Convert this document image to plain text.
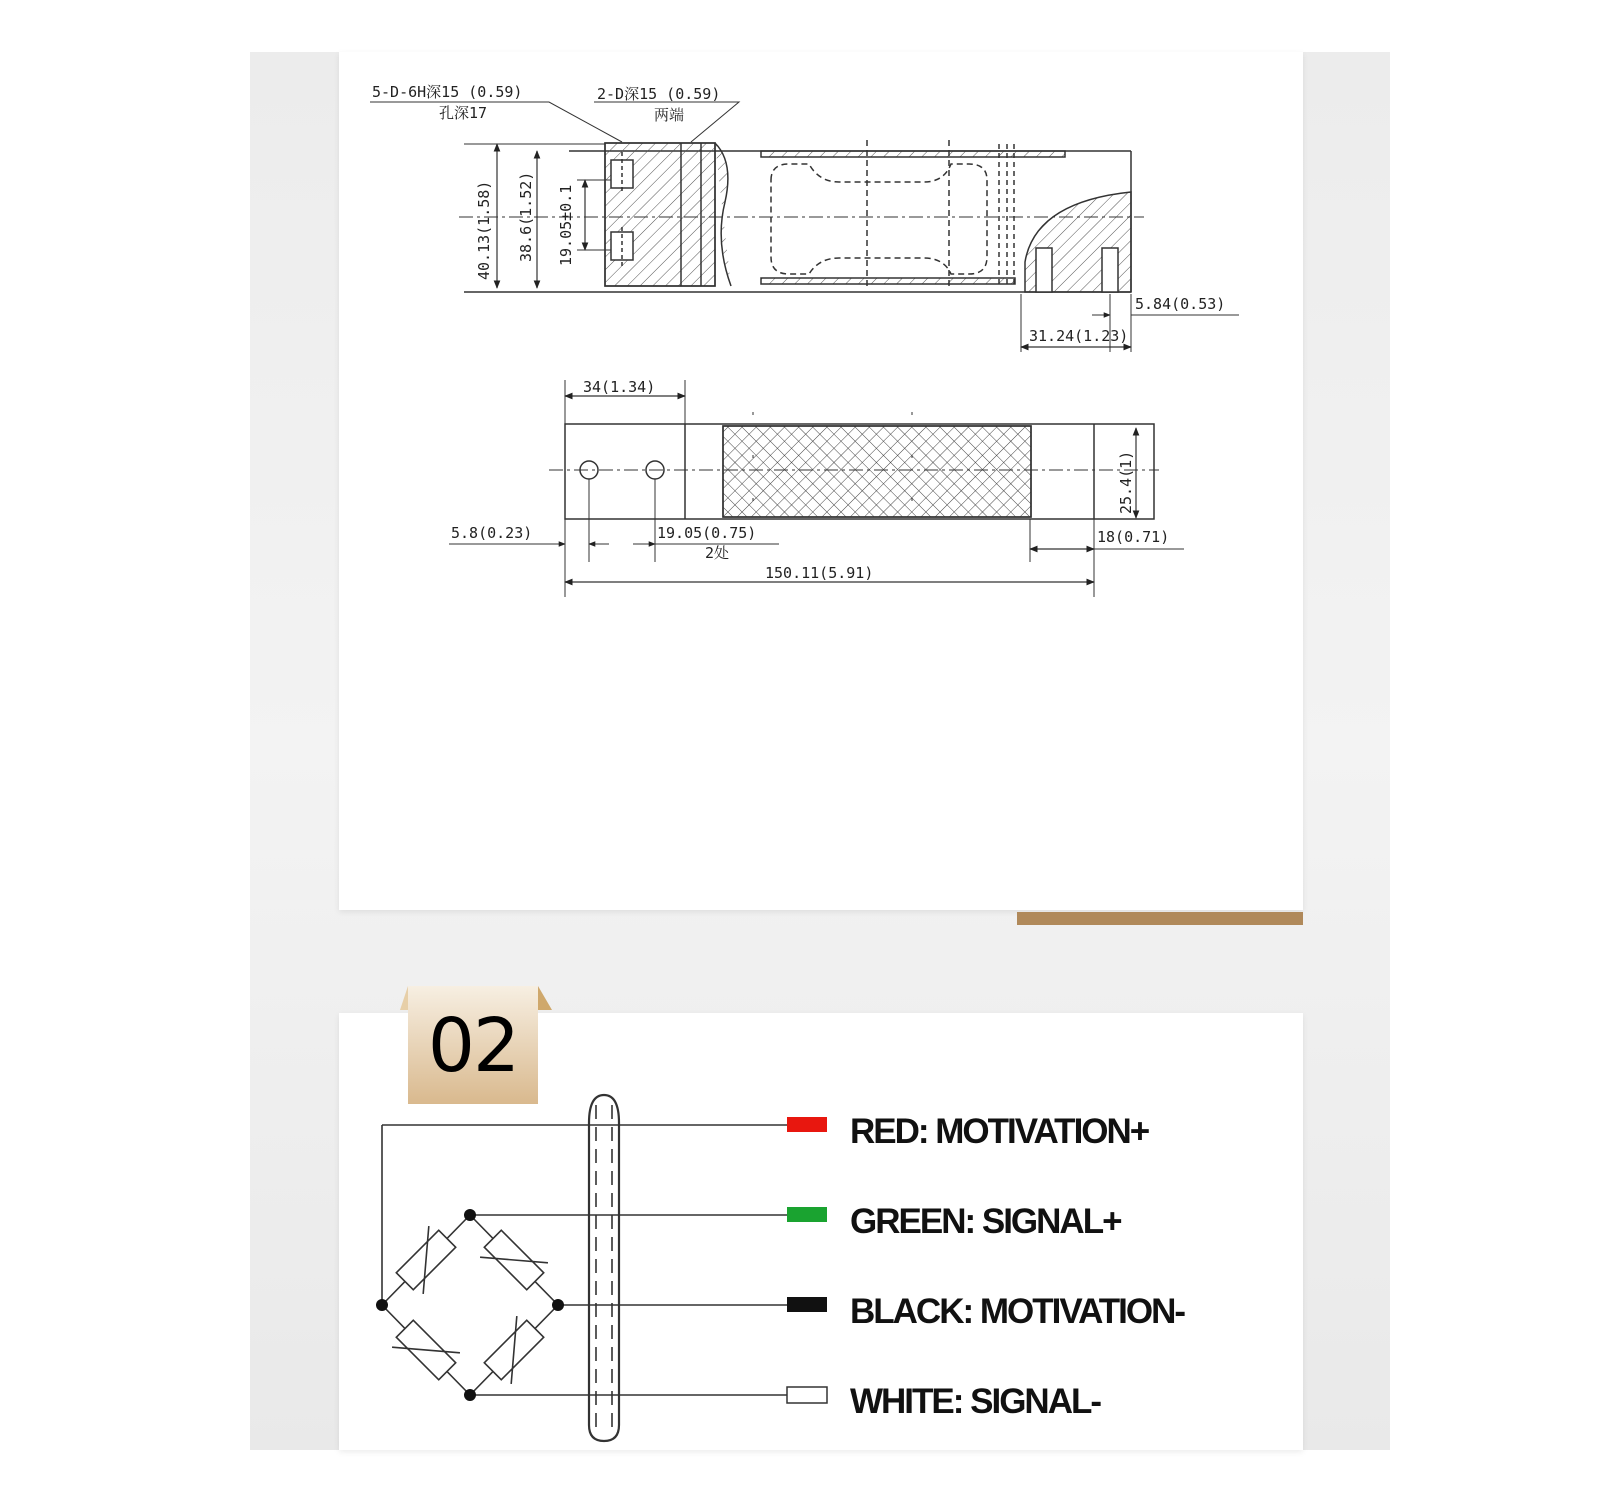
5-D-6H深15 (0.59)
孔深17
2-D深15 (0.59)
两端
40.13(1.58) 38.6(1.52) 19.05±0.1
5.84(0.53)
31.24(1.23)
34(1.34)
25.4(1)
5.8(0.23)	19.05(0.75)
2处
18(0.71)
150.11(5.91)
RED: MOTIVATION+
GREEN: SIGNAL+
BLACK: MOTIVATION-
WHITE: SIGNAL-
02
